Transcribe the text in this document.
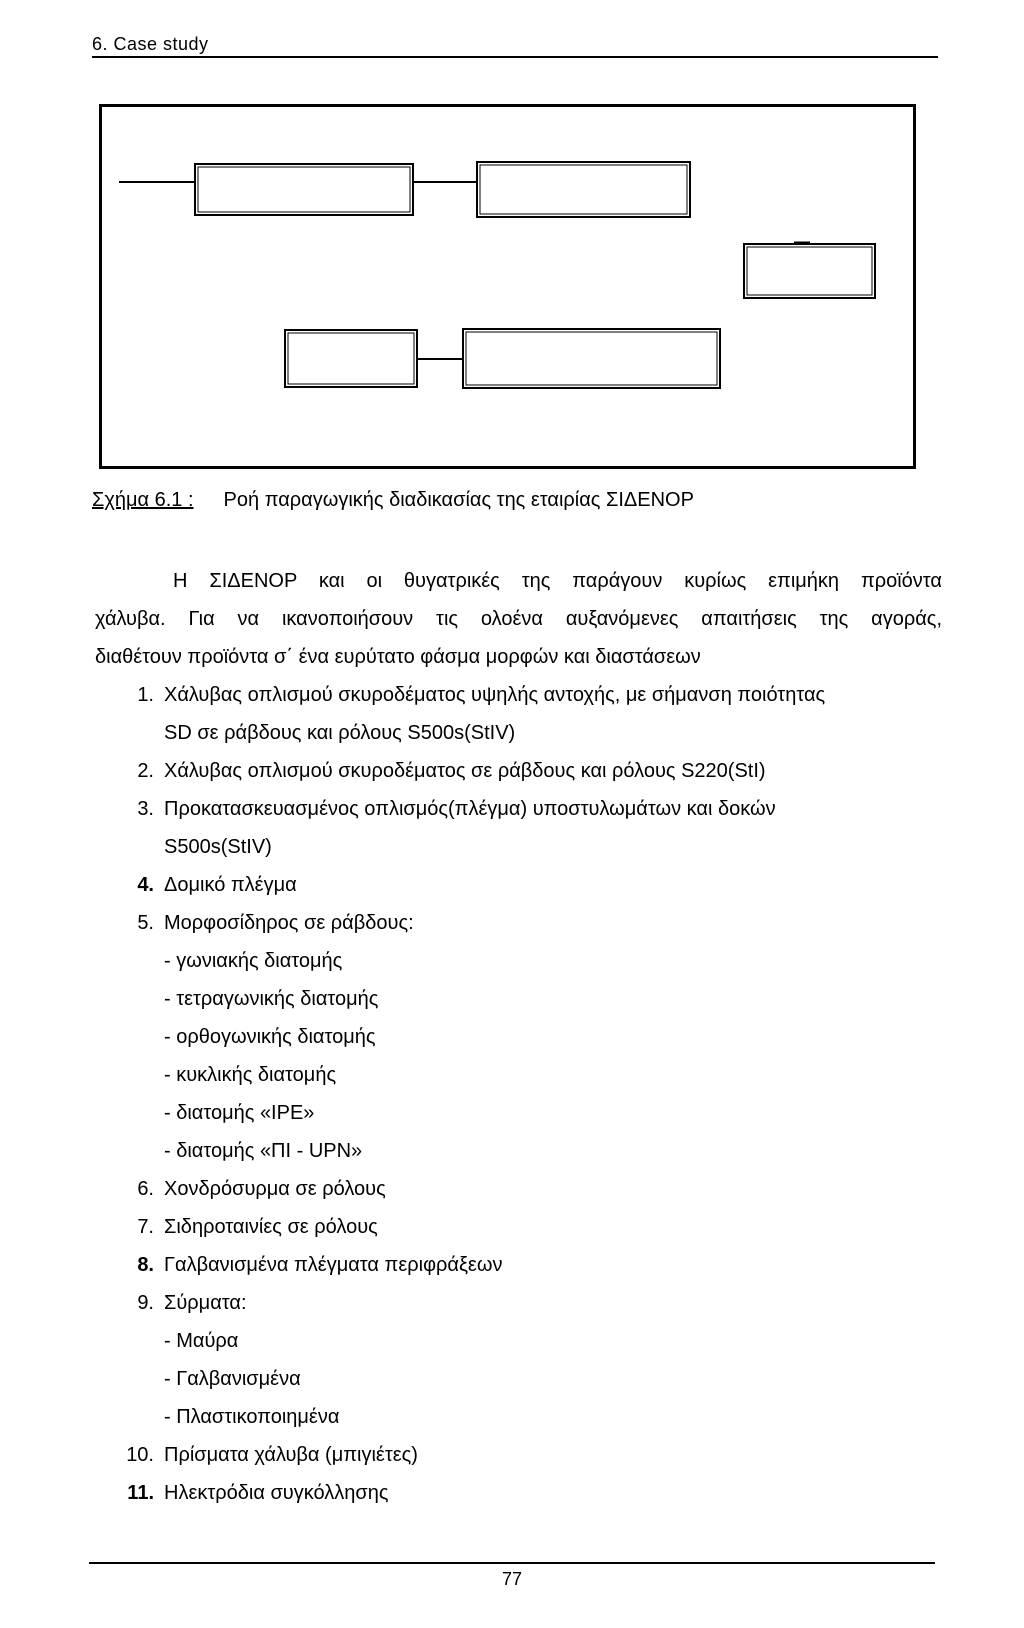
6. Case study
Σχήμα 6.1 : Ροή παραγωγικής διαδικασίας της εταιρίας ΣΙΔΕΝΟΡ
Η ΣΙΔΕΝΟΡ και οι θυγατρικές της παράγουν κυρίως επιμήκη προϊόντα
χάλυβα. Για να ικανοποιήσουν τις ολοένα αυξανόμενες απαιτήσεις της αγοράς,
διαθέτουν προϊόντα σ΄ ένα ευρύτατο φάσμα μορφών και διαστάσεων
1. Χάλυβας οπλισμού σκυροδέματος υψηλής αντοχής, με σήμανση ποιότητας
SD σε ράβδους και ρόλους S500s(StIV)
2. Χάλυβας οπλισμού σκυροδέματος σε ράβδους και ρόλους S220(StI)
3. Προκατασκευασμένος οπλισμός(πλέγμα) υποστυλωμάτων και δοκών
S500s(StIV)
4. Δομικό πλέγμα
5. Μορφοσίδηρος σε ράβδους:
- γωνιακής διατομής
- τετραγωνικής διατομής
- ορθογωνικής διατομής
- κυκλικής διατομής
- διατομής «IPE»
- διατομής «ΠΙ - UPN»
6. Χονδρόσυρμα σε ρόλους
7. Σιδηροταινίες σε ρόλους
8. Γαλβανισμένα πλέγματα περιφράξεων
9. Σύρματα:
- Μαύρα
- Γαλβανισμένα
- Πλαστικοποιημένα
10. Πρίσματα χάλυβα (μπιγιέτες)
11. Ηλεκτρόδια συγκόλλησης
77
